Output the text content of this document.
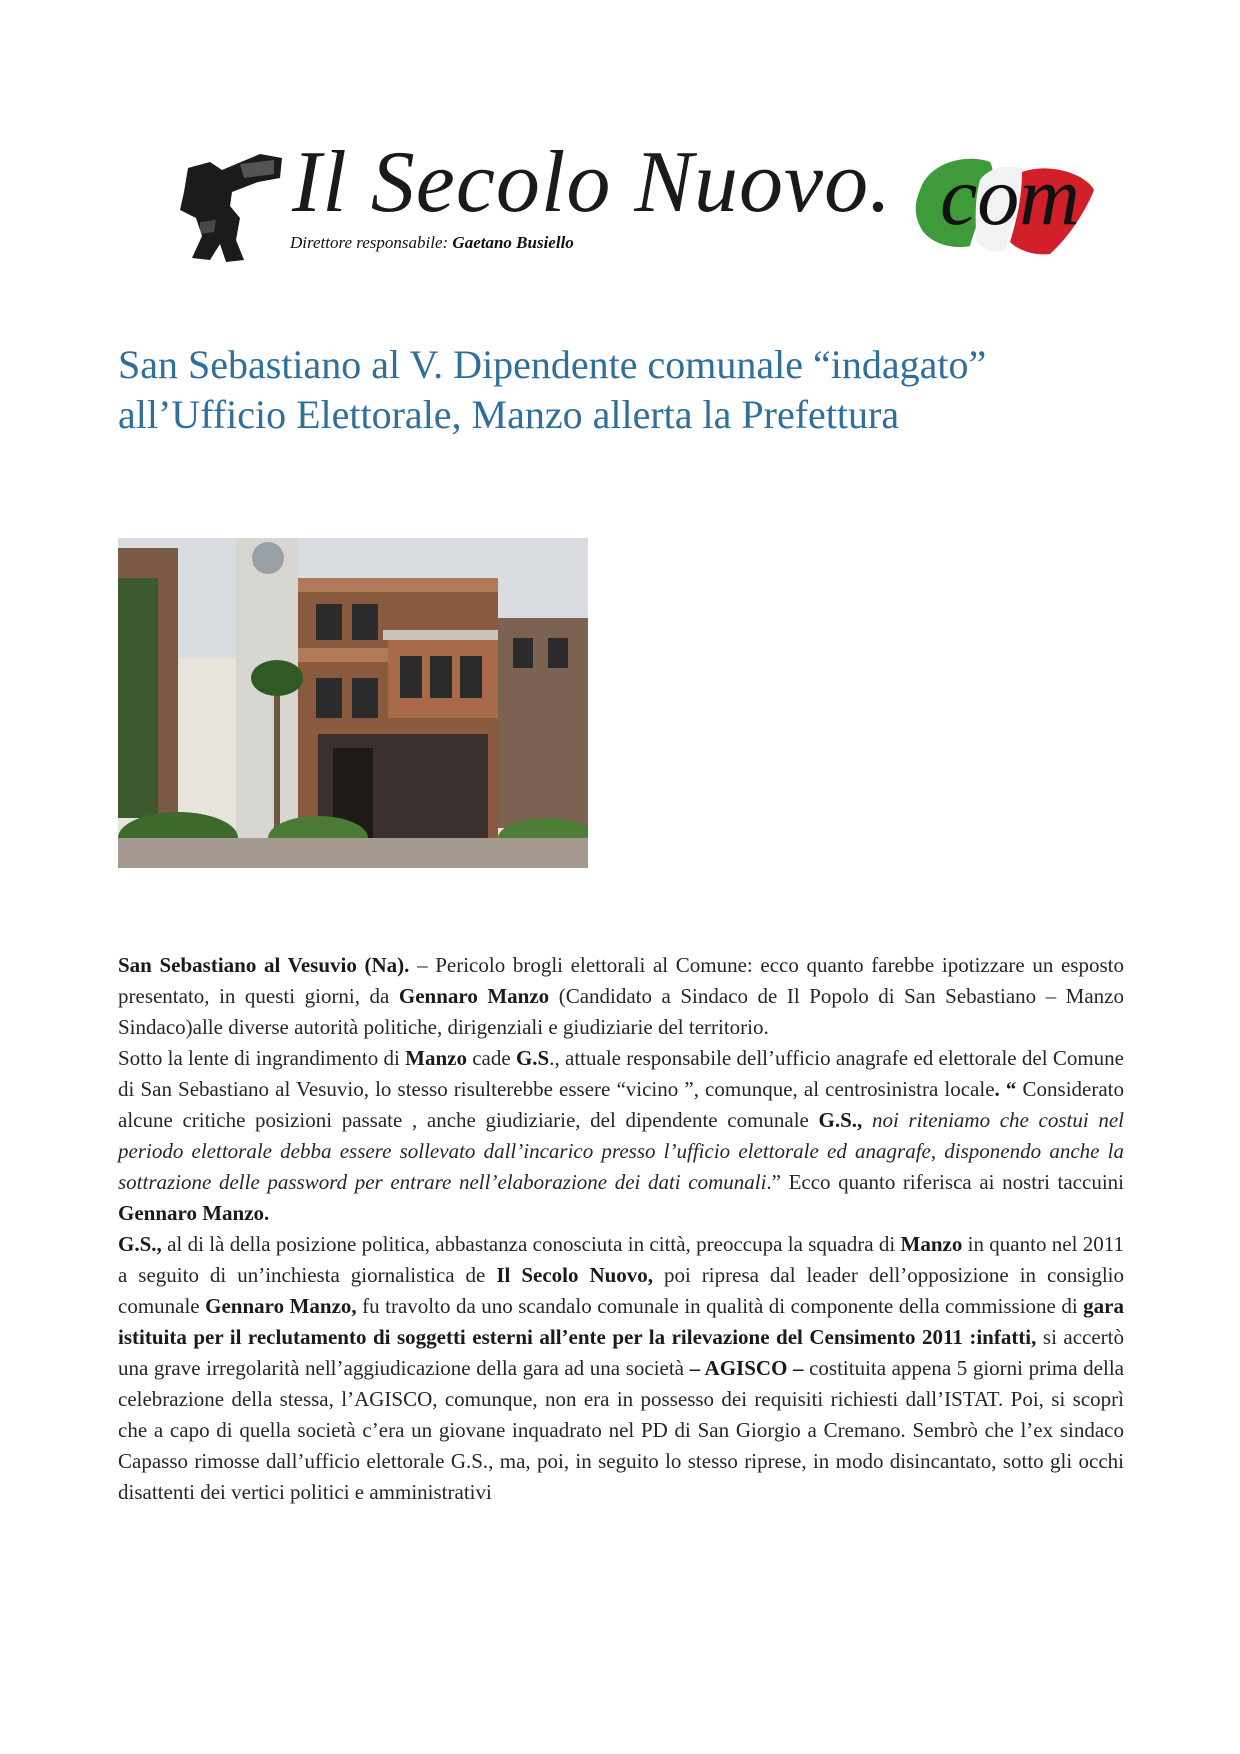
Il Secolo Nuovo. com
Direttore responsabile: Gaetano Busiello
San Sebastiano al V. Dipendente comunale “indagato” all’Ufficio Elettorale, Manzo allerta la Prefettura

San Sebastiano al Vesuvio (Na). – Pericolo brogli elettorali al Comune: ecco quanto farebbe ipotizzare un esposto presentato, in questi giorni, da Gennaro Manzo (Candidato a Sindaco de Il Popolo di San Sebastiano – Manzo Sindaco)alle diverse autorità politiche, dirigenziali e giudiziarie del territorio.

Sotto la lente di ingrandimento di Manzo cade G.S., attuale responsabile dell’ufficio anagrafe ed elettorale del Comune di San Sebastiano al Vesuvio, lo stesso risulterebbe essere “vicino ”, comunque, al centrosinistra locale. “ Considerato alcune critiche posizioni passate , anche giudiziarie, del dipendente comunale G.S., noi riteniamo che costui nel periodo elettorale debba essere sollevato dall’incarico presso l’ufficio elettorale ed anagrafe, disponendo anche la sottrazione delle password per entrare nell’elaborazione dei dati comunali.” Ecco quanto riferisca ai nostri taccuini Gennaro Manzo.

G.S., al di là della posizione politica, abbastanza conosciuta in città, preoccupa la squadra di Manzo in quanto nel 2011 a seguito di un’inchiesta giornalistica de Il Secolo Nuovo, poi ripresa dal leader dell’opposizione in consiglio comunale Gennaro Manzo, fu travolto da uno scandalo comunale in qualità di componente della commissione di gara istituita per il reclutamento di soggetti esterni all’ente per la rilevazione del Censimento 2011 :infatti, si accertò una grave irregolarità nell’aggiudicazione della gara ad una società – AGISCO – costituita appena 5 giorni prima della celebrazione della stessa, l’AGISCO, comunque, non era in possesso dei requisiti richiesti dall’ISTAT. Poi, si scoprì che a capo di quella società c’era un giovane inquadrato nel PD di San Giorgio a Cremano. Sembrò che l’ex sindaco Capasso rimosse dall’ufficio elettorale G.S., ma, poi, in seguito lo stesso riprese, in modo disincantato, sotto gli occhi disattenti dei vertici politici e amministrativi
